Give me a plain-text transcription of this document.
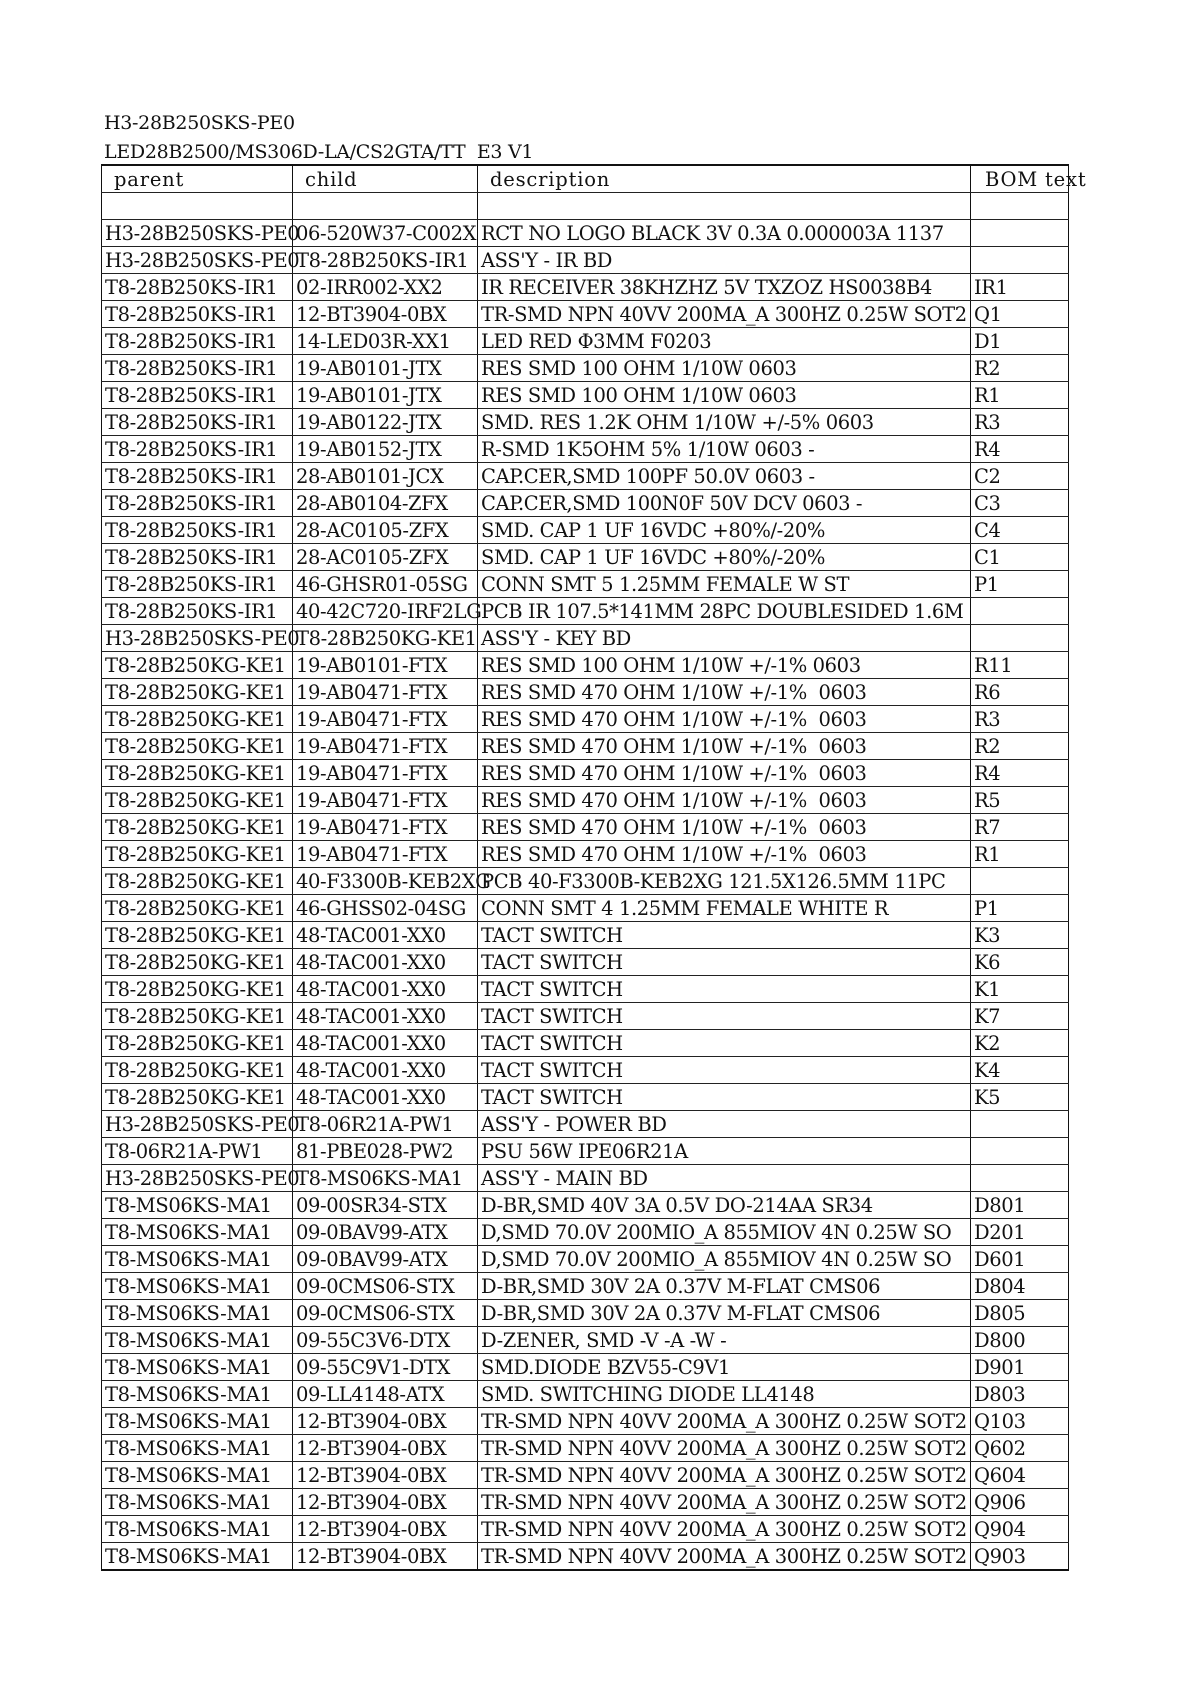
H3-28B250SKS-PE0
LED28B2500/MS306D-LA/CS2GTA/TT  E3 V1
parent	child	description	BOM text

H3-28B250SKS-PE0	06-520W37-C002X	RCT NO LOGO BLACK 3V 0.3A 0.000003A 1137	
H3-28B250SKS-PE0	T8-28B250KS-IR1	ASS'Y - IR BD	
T8-28B250KS-IR1	02-IRR002-XX2	IR RECEIVER 38KHZHZ 5V TXZOZ HS0038B4	IR1
T8-28B250KS-IR1	12-BT3904-0BX	TR-SMD NPN 40VV 200MA_A 300HZ 0.25W SOT2	Q1
T8-28B250KS-IR1	14-LED03R-XX1	LED RED Φ3MM F0203	D1
T8-28B250KS-IR1	19-AB0101-JTX	RES SMD 100 OHM 1/10W 0603	R2
T8-28B250KS-IR1	19-AB0101-JTX	RES SMD 100 OHM 1/10W 0603	R1
T8-28B250KS-IR1	19-AB0122-JTX	SMD. RES 1.2K OHM 1/10W +/-5% 0603	R3
T8-28B250KS-IR1	19-AB0152-JTX	R-SMD 1K5OHM 5% 1/10W 0603 -	R4
T8-28B250KS-IR1	28-AB0101-JCX	CAP.CER,SMD 100PF 50.0V 0603 -	C2
T8-28B250KS-IR1	28-AB0104-ZFX	CAP.CER,SMD 100N0F 50V DCV 0603 -	C3
T8-28B250KS-IR1	28-AC0105-ZFX	SMD. CAP 1 UF 16VDC +80%/-20%	C4
T8-28B250KS-IR1	28-AC0105-ZFX	SMD. CAP 1 UF 16VDC +80%/-20%	C1
T8-28B250KS-IR1	46-GHSR01-05SG	CONN SMT 5 1.25MM FEMALE W ST	P1
T8-28B250KS-IR1	40-42C720-IRF2LG	PCB IR 107.5*141MM 28PC DOUBLESIDED 1.6M	
H3-28B250SKS-PE0	T8-28B250KG-KE1	ASS'Y - KEY BD	
T8-28B250KG-KE1	19-AB0101-FTX	RES SMD 100 OHM 1/10W +/-1% 0603	R11
T8-28B250KG-KE1	19-AB0471-FTX	RES SMD 470 OHM 1/10W +/-1%  0603	R6
T8-28B250KG-KE1	19-AB0471-FTX	RES SMD 470 OHM 1/10W +/-1%  0603	R3
T8-28B250KG-KE1	19-AB0471-FTX	RES SMD 470 OHM 1/10W +/-1%  0603	R2
T8-28B250KG-KE1	19-AB0471-FTX	RES SMD 470 OHM 1/10W +/-1%  0603	R4
T8-28B250KG-KE1	19-AB0471-FTX	RES SMD 470 OHM 1/10W +/-1%  0603	R5
T8-28B250KG-KE1	19-AB0471-FTX	RES SMD 470 OHM 1/10W +/-1%  0603	R7
T8-28B250KG-KE1	19-AB0471-FTX	RES SMD 470 OHM 1/10W +/-1%  0603	R1
T8-28B250KG-KE1	40-F3300B-KEB2XG	PCB 40-F3300B-KEB2XG 121.5X126.5MM 11PC	
T8-28B250KG-KE1	46-GHSS02-04SG	CONN SMT 4 1.25MM FEMALE WHITE R	P1
T8-28B250KG-KE1	48-TAC001-XX0	TACT SWITCH	K3
T8-28B250KG-KE1	48-TAC001-XX0	TACT SWITCH	K6
T8-28B250KG-KE1	48-TAC001-XX0	TACT SWITCH	K1
T8-28B250KG-KE1	48-TAC001-XX0	TACT SWITCH	K7
T8-28B250KG-KE1	48-TAC001-XX0	TACT SWITCH	K2
T8-28B250KG-KE1	48-TAC001-XX0	TACT SWITCH	K4
T8-28B250KG-KE1	48-TAC001-XX0	TACT SWITCH	K5
H3-28B250SKS-PE0	T8-06R21A-PW1	ASS'Y - POWER BD	
T8-06R21A-PW1	81-PBE028-PW2	PSU 56W IPE06R21A	
H3-28B250SKS-PE0	T8-MS06KS-MA1	ASS'Y - MAIN BD	
T8-MS06KS-MA1	09-00SR34-STX	D-BR,SMD 40V 3A 0.5V DO-214AA SR34	D801
T8-MS06KS-MA1	09-0BAV99-ATX	D,SMD 70.0V 200MIO_A 855MIOV 4N 0.25W SO	D201
T8-MS06KS-MA1	09-0BAV99-ATX	D,SMD 70.0V 200MIO_A 855MIOV 4N 0.25W SO	D601
T8-MS06KS-MA1	09-0CMS06-STX	D-BR,SMD 30V 2A 0.37V M-FLAT CMS06	D804
T8-MS06KS-MA1	09-0CMS06-STX	D-BR,SMD 30V 2A 0.37V M-FLAT CMS06	D805
T8-MS06KS-MA1	09-55C3V6-DTX	D-ZENER, SMD -V -A -W -	D800
T8-MS06KS-MA1	09-55C9V1-DTX	SMD.DIODE BZV55-C9V1	D901
T8-MS06KS-MA1	09-LL4148-ATX	SMD. SWITCHING DIODE LL4148	D803
T8-MS06KS-MA1	12-BT3904-0BX	TR-SMD NPN 40VV 200MA_A 300HZ 0.25W SOT2	Q103
T8-MS06KS-MA1	12-BT3904-0BX	TR-SMD NPN 40VV 200MA_A 300HZ 0.25W SOT2	Q602
T8-MS06KS-MA1	12-BT3904-0BX	TR-SMD NPN 40VV 200MA_A 300HZ 0.25W SOT2	Q604
T8-MS06KS-MA1	12-BT3904-0BX	TR-SMD NPN 40VV 200MA_A 300HZ 0.25W SOT2	Q906
T8-MS06KS-MA1	12-BT3904-0BX	TR-SMD NPN 40VV 200MA_A 300HZ 0.25W SOT2	Q904
T8-MS06KS-MA1	12-BT3904-0BX	TR-SMD NPN 40VV 200MA_A 300HZ 0.25W SOT2	Q903
